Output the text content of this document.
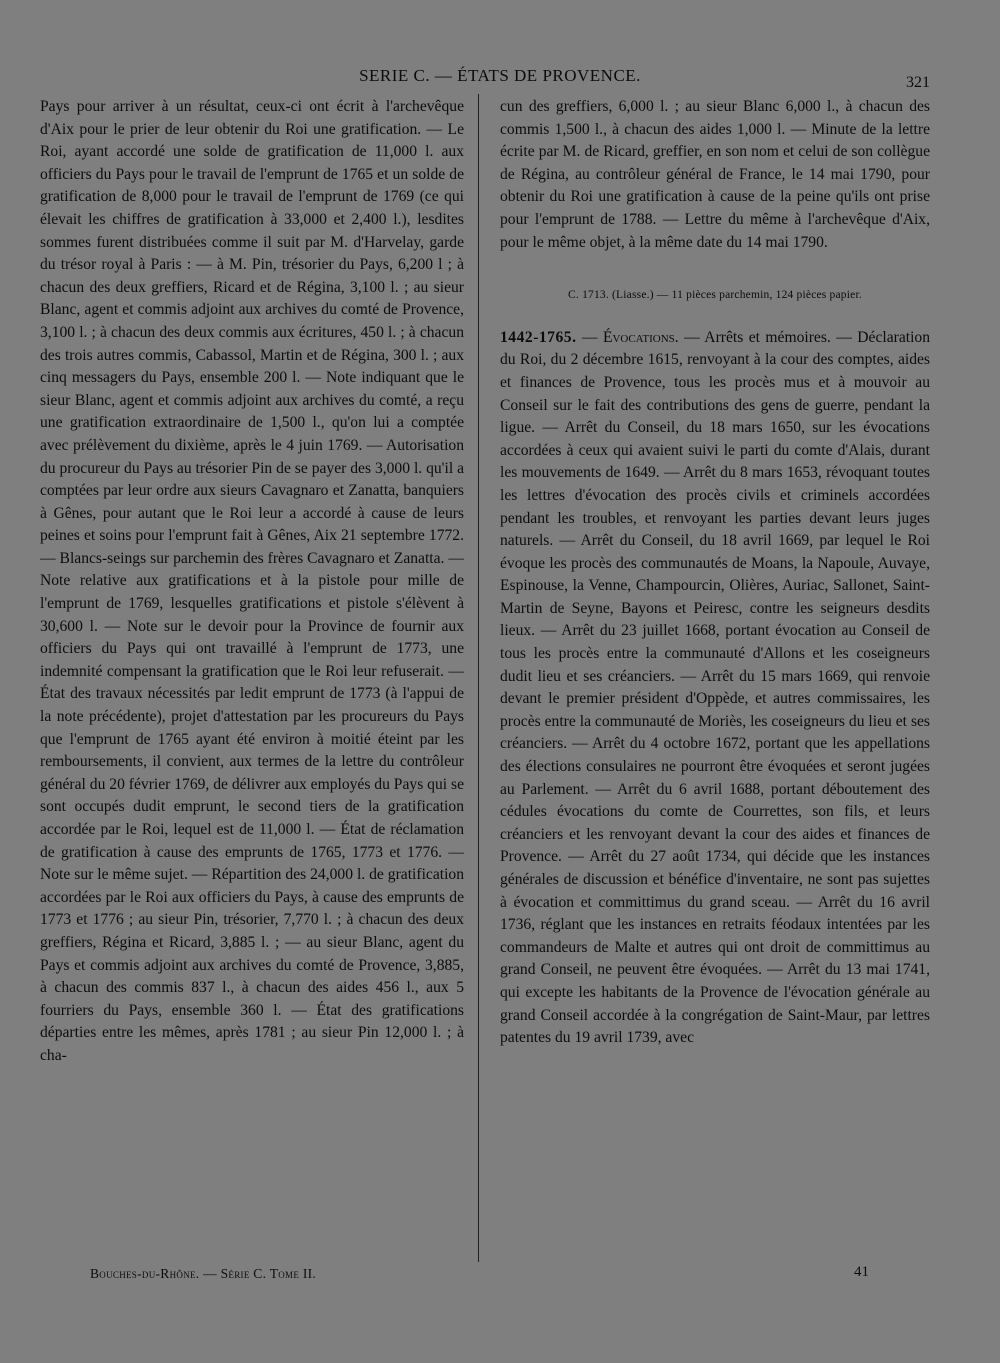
SERIE C. — ÉTATS DE PROVENCE.	321

Pays pour arriver à un résultat, ceux-ci ont écrit à l'archevêque d'Aix pour le prier de leur obtenir du Roi une gratification. — Le Roi, ayant accordé une solde de gratification de 11,000 l. aux officiers du Pays pour le travail de l'emprunt de 1765 et un solde de gratification de 8,000 pour le travail de l'emprunt de 1769 (ce qui élevait les chiffres de gratification à 33,000 et 2,400 l.), lesdites sommes furent distribuées comme il suit par M. d'Harvelay, garde du trésor royal à Paris : — à M. Pin, trésorier du Pays, 6,200 l ; à chacun des deux greffiers, Ricard et de Régina, 3,100 l. ; au sieur Blanc, agent et commis adjoint aux archives du comté de Provence, 3,100 l. ; à chacun des deux commis aux écritures, 450 l. ; à chacun des trois autres commis, Cabassol, Martin et de Régina, 300 l. ; aux cinq messagers du Pays, ensemble 200 l. — Note indiquant que le sieur Blanc, agent et commis adjoint aux archives du comté, a reçu une gratification extraordinaire de 1,500 l., qu'on lui a comptée avec prélèvement du dixième, après le 4 juin 1769. — Autorisation du procureur du Pays au trésorier Pin de se payer des 3,000 l. qu'il a comptées par leur ordre aux sieurs Cavagnaro et Zanatta, banquiers à Gênes, pour autant que le Roi leur a accordé à cause de leurs peines et soins pour l'emprunt fait à Gênes, Aix 21 septembre 1772. — Blancs-seings sur parchemin des frères Cavagnaro et Zanatta. — Note relative aux gratifications et à la pistole pour mille de l'emprunt de 1769, lesquelles gratifications et pistole s'élèvent à 30,600 l. — Note sur le devoir pour la Province de fournir aux officiers du Pays qui ont travaillé à l'emprunt de 1773, une indemnité compensant la gratification que le Roi leur refuserait. — État des travaux nécessités par ledit emprunt de 1773 (à l'appui de la note précédente), projet d'attestation par les procureurs du Pays que l'emprunt de 1765 ayant été environ à moitié éteint par les remboursements, il convient, aux termes de la lettre du contrôleur général du 20 février 1769, de délivrer aux employés du Pays qui se sont occupés dudit emprunt, le second tiers de la gratification accordée par le Roi, lequel est de 11,000 l. — État de réclamation de gratification à cause des emprunts de 1765, 1773 et 1776. — Note sur le même sujet. — Répartition des 24,000 l. de gratification accordées par le Roi aux officiers du Pays, à cause des emprunts de 1773 et 1776 ; au sieur Pin, trésorier, 7,770 l. ; à chacun des deux greffiers, Régina et Ricard, 3,885 l. ; — au sieur Blanc, agent du Pays et commis adjoint aux archives du comté de Provence, 3,885, à chacun des commis 837 l., à chacun des aides 456 l., aux 5 fourriers du Pays, ensemble 360 l. — État des gratifications départies entre les mêmes, après 1781 ; au sieur Pin 12,000 l. ; à cha-

cun des greffiers, 6,000 l. ; au sieur Blanc 6,000 l., à chacun des commis 1,500 l., à chacun des aides 1,000 l. — Minute de la lettre écrite par M. de Ricard, greffier, en son nom et celui de son collègue de Régina, au contrôleur général de France, le 14 mai 1790, pour obtenir du Roi une gratification à cause de la peine qu'ils ont prise pour l'emprunt de 1788. — Lettre du même à l'archevêque d'Aix, pour le même objet, à la même date du 14 mai 1790.

C. 1713. (Liasse.) — 11 pièces parchemin, 124 pièces papier.

1442-1765. — Évocations. — Arrêts et mémoires. — Déclaration du Roi, du 2 décembre 1615, renvoyant à la cour des comptes, aides et finances de Provence, tous les procès mus et à mouvoir au Conseil sur le fait des contributions des gens de guerre, pendant la ligue. — Arrêt du Conseil, du 18 mars 1650, sur les évocations accordées à ceux qui avaient suivi le parti du comte d'Alais, durant les mouvements de 1649. — Arrêt du 8 mars 1653, révoquant toutes les lettres d'évocation des procès civils et criminels accordées pendant les troubles, et renvoyant les parties devant leurs juges naturels. — Arrêt du Conseil, du 18 avril 1669, par lequel le Roi évoque les procès des communautés de Moans, la Napoule, Auvaye, Espinouse, la Venne, Champourcin, Olières, Auriac, Sallonet, Saint-Martin de Seyne, Bayons et Peiresc, contre les seigneurs desdits lieux. — Arrêt du 23 juillet 1668, portant évocation au Conseil de tous les procès entre la communauté d'Allons et les coseigneurs dudit lieu et ses créanciers. — Arrêt du 15 mars 1669, qui renvoie devant le premier président d'Oppède, et autres commissaires, les procès entre la communauté de Moriès, les coseigneurs du lieu et ses créanciers. — Arrêt du 4 octobre 1672, portant que les appellations des élections consulaires ne pourront être évoquées et seront jugées au Parlement. — Arrêt du 6 avril 1688, portant déboutement des cédules évocations du comte de Courrettes, son fils, et leurs créanciers et les renvoyant devant la cour des aides et finances de Provence. — Arrêt du 27 août 1734, qui décide que les instances générales de discussion et bénéfice d'inventaire, ne sont pas sujettes à évocation et committimus du grand sceau. — Arrêt du 16 avril 1736, réglant que les instances en retraits féodaux intentées par les commandeurs de Malte et autres qui ont droit de committimus au grand Conseil, ne peuvent être évoquées. — Arrêt du 13 mai 1741, qui excepte les habitants de la Provence de l'évocation générale au grand Conseil accordée à la congrégation de Saint-Maur, par lettres patentes du 19 avril 1739, avec

Bouches-du-Rhône. — Série C. Tome II.	41
